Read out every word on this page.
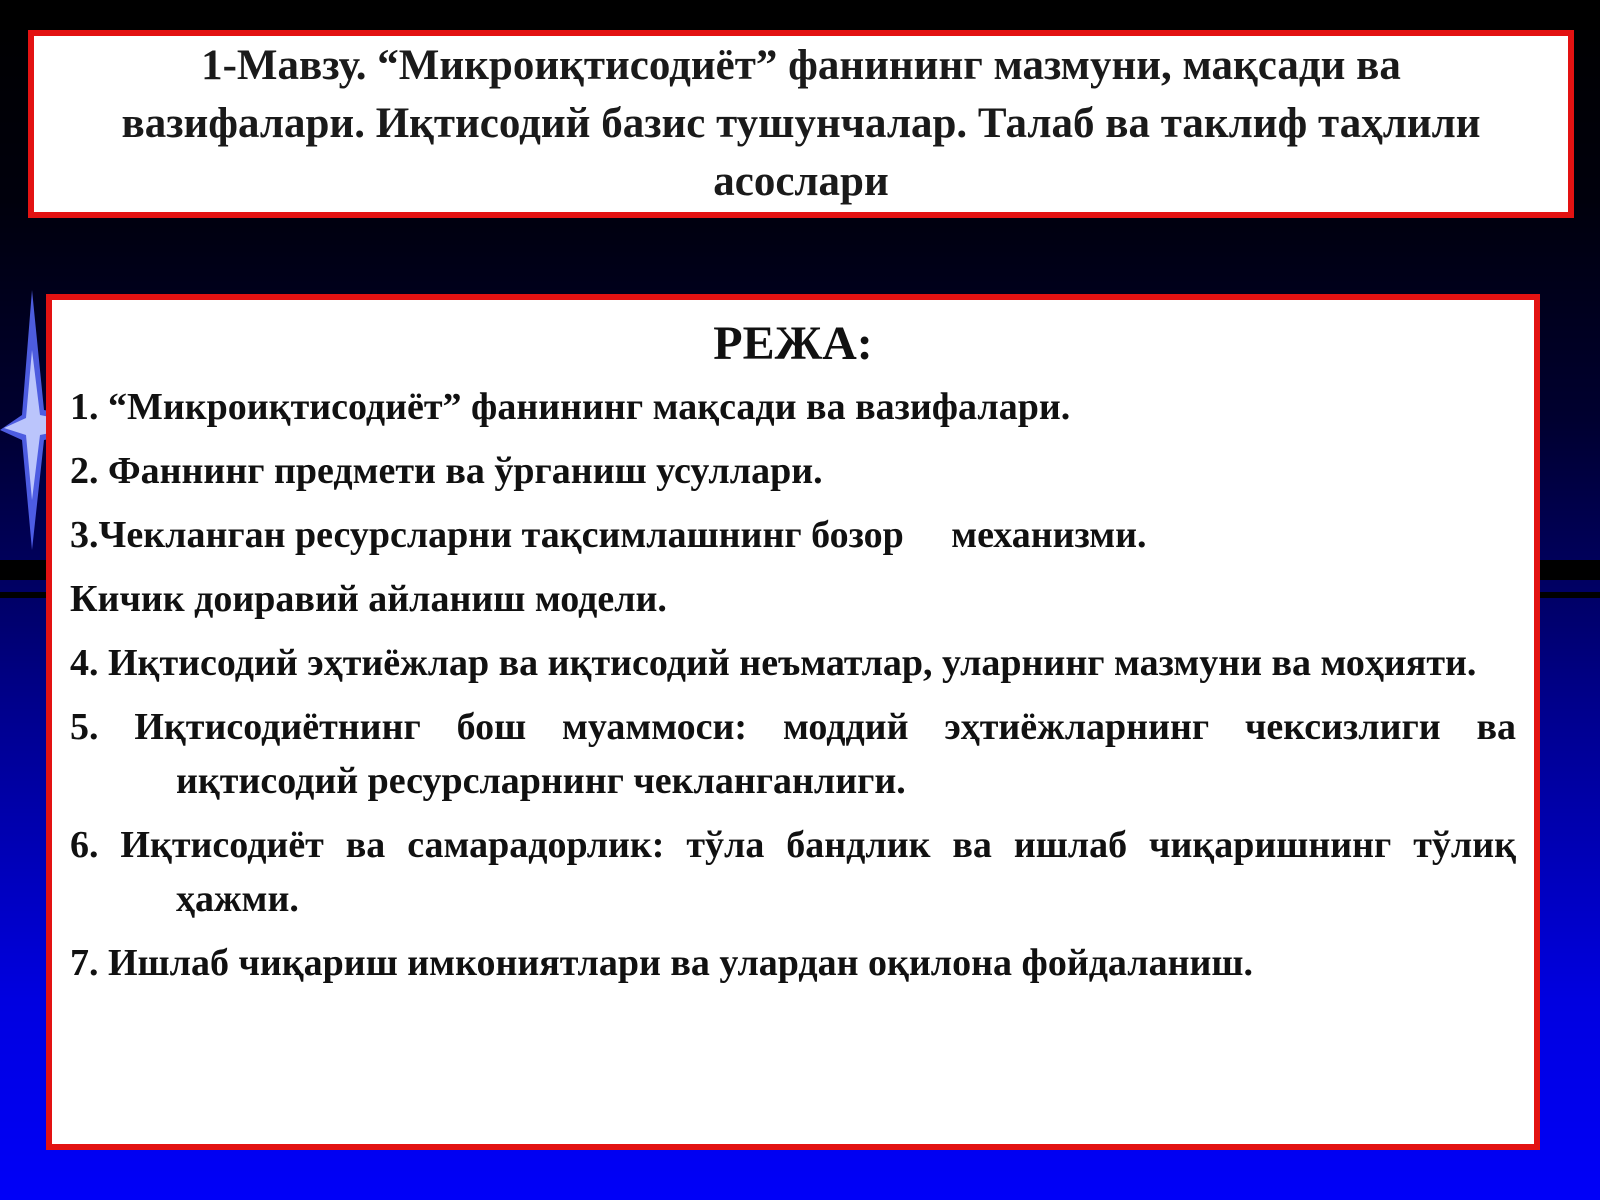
1-Мавзу. “Микроиқтисодиёт” фанининг мазмуни, мақсади ва вазифалари. Иқтисодий базис тушунчалар. Талаб ва таклиф таҳлили асослари

РЕЖА:
1. “Микроиқтисодиёт” фанининг мақсади ва вазифалари.
2. Фаннинг предмети ва ўрганиш усуллари.
3.Чекланган ресурсларни тақсимлашнинг бозор     механизми.
Кичик доиравий айланиш модели.
4. Иқтисодий эҳтиёжлар ва иқтисодий неъматлар, уларнинг мазмуни ва моҳияти.
5. Иқтисодиётнинг бош муаммоси: моддий эҳтиёжларнинг чексизлиги ва иқтисодий ресурсларнинг чекланганлиги.
6. Иқтисодиёт ва самарадорлик: тўла бандлик ва ишлаб чиқаришнинг тўлиқ ҳажми.
7. Ишлаб чиқариш имкониятлари ва улардан оқилона фойдаланиш.
